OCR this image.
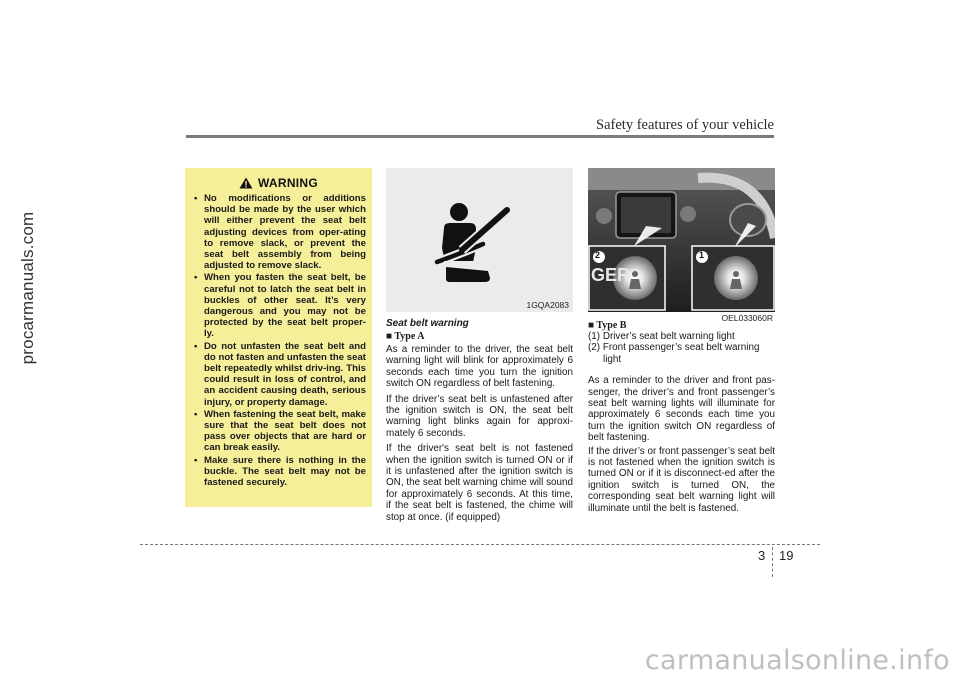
procarmanuals.com
Safety features of your vehicle
WARNING
• No modifications or additions should be made by the user which will either prevent the seat belt adjusting devices from oper-ating to remove slack, or prevent the seat belt assembly from being adjusted to remove slack.
• When you fasten the seat belt, be careful not to latch the seat belt in buckles of other seat. It’s very dangerous and you may not be protected by the seat belt proper-ly.
• Do not unfasten the seat belt and do not fasten and unfasten the seat belt repeatedly whilst driv-ing. This could result in loss of control, and an accident causing death, serious injury, or property damage.
• When fastening the seat belt, make sure that the seat belt does not pass over objects that are hard or can break easily.
• Make sure there is nothing in the buckle. The seat belt may not be fastened securely.
1GQA2083
Seat belt warning
■ Type A

As a reminder to the driver, the seat belt warning light will blink for approximately 6 seconds each time you turn the ignition switch ON regardless of belt fastening.

If the driver’s seat belt is unfastened after the ignition switch is ON, the seat belt warning light blinks again for approxi-mately 6 seconds.

If the driver's seat belt is not fastened when the ignition switch is turned ON or if it is unfastened after the ignition switch is ON, the seat belt warning chime will sound for approximately 6 seconds. At this time, if the seat belt is fastened, the chime will stop at once. (if equipped)

GER
2	1
OEL033060R
■ Type B
(1) Driver’s seat belt warning light
(2) Front passenger’s seat belt warning light

As a reminder to the driver and front pas-senger, the driver’s and front passenger’s seat belt warning lights will illuminate for approximately 6 seconds each time you turn the ignition switch ON regardless of belt fastening.

If the driver’s or front passenger’s seat belt is not fastened when the ignition switch is turned ON or if it is disconnect-ed after the ignition switch is turned ON, the corresponding seat belt warning light will illuminate until the belt is fastened.

3 19
carmanualsonline.info
